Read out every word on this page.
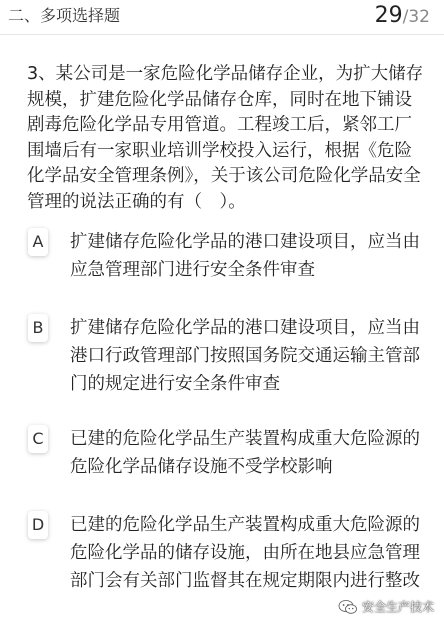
二、多项选择题	29/32

3、某公司是一家危险化学品储存企业，为扩大储存规模，扩建危险化学品储存仓库，同时在地下铺设剧毒危险化学品专用管道。工程竣工后，紧邻工厂围墙后有一家职业培训学校投入运行，根据《危险化学品安全管理条例》，关于该公司危险化学品安全管理的说法正确的有（　）。

A 扩建储存危险化学品的港口建设项目，应当由应急管理部门进行安全条件审查
B 扩建储存危险化学品的港口建设项目，应当由港口行政管理部门按照国务院交通运输主管部门的规定进行安全条件审查
C 已建的危险化学品生产装置构成重大危险源的危险化学品储存设施不受学校影响
D 已建的危险化学品生产装置构成重大危险源的危险化学品的储存设施，由所在地县应急管理部门会有关部门监督其在规定期限内进行整改
安全生产技术
